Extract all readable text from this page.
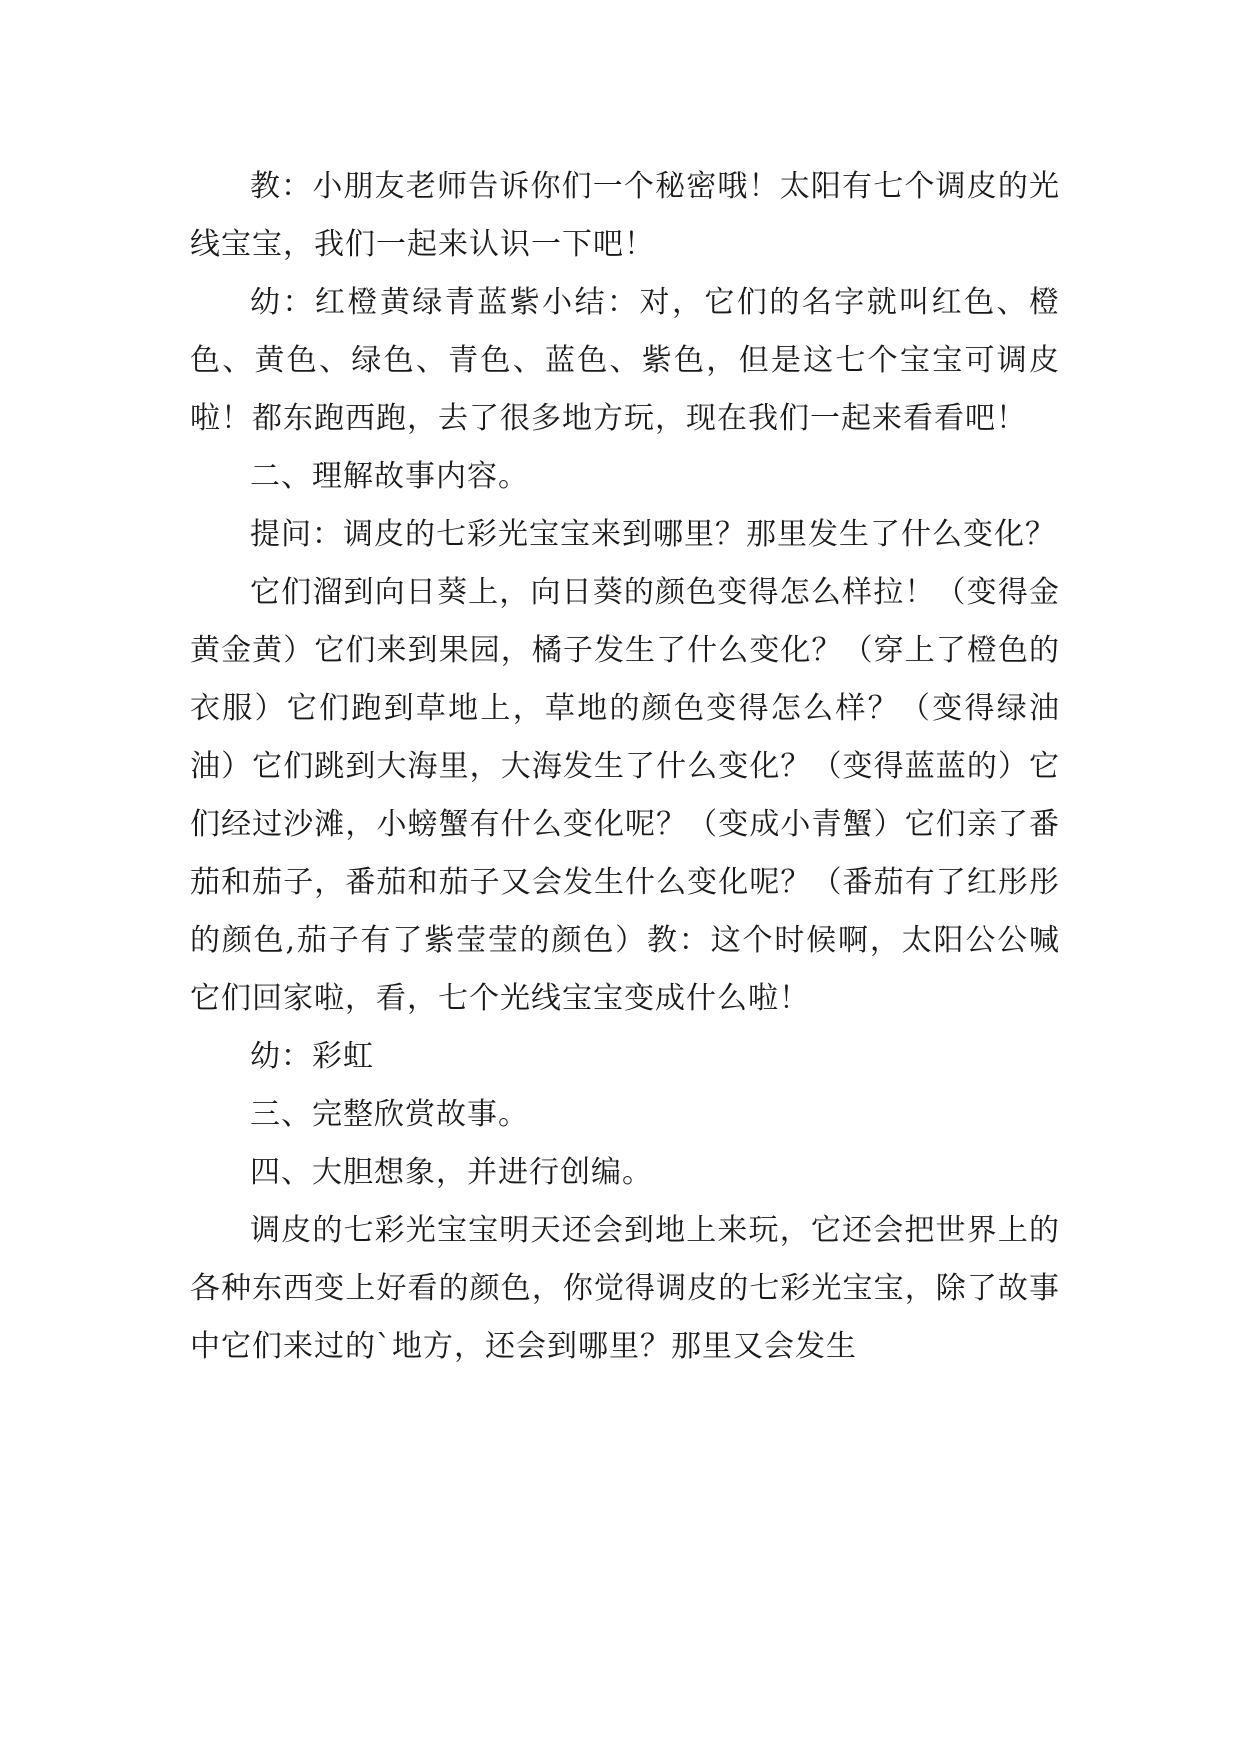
教：小朋友老师告诉你们一个秘密哦！太阳有七个调皮的光线宝宝，我们一起来认识一下吧！

幼：红橙黄绿青蓝紫小结：对，它们的名字就叫红色、橙色、黄色、绿色、青色、蓝色、紫色，但是这七个宝宝可调皮啦！都东跑西跑，去了很多地方玩，现在我们一起来看看吧！

二、理解故事内容。

提问：调皮的七彩光宝宝来到哪里？那里发生了什么变化？

它们溜到向日葵上，向日葵的颜色变得怎么样拉！（变得金黄金黄）它们来到果园，橘子发生了什么变化？（穿上了橙色的衣服）它们跑到草地上，草地的颜色变得怎么样？（变得绿油油）它们跳到大海里，大海发生了什么变化？（变得蓝蓝的）它们经过沙滩，小螃蟹有什么变化呢？（变成小青蟹）它们亲了番茄和茄子，番茄和茄子又会发生什么变化呢？（番茄有了红彤彤的颜色,茄子有了紫莹莹的颜色）教：这个时候啊，太阳公公喊它们回家啦，看，七个光线宝宝变成什么啦！

幼：彩虹

三、完整欣赏故事。

四、大胆想象，并进行创编。

调皮的七彩光宝宝明天还会到地上来玩，它还会把世界上的各种东西变上好看的颜色，你觉得调皮的七彩光宝宝，除了故事中它们来过的`地方，还会到哪里？那里又会发生
